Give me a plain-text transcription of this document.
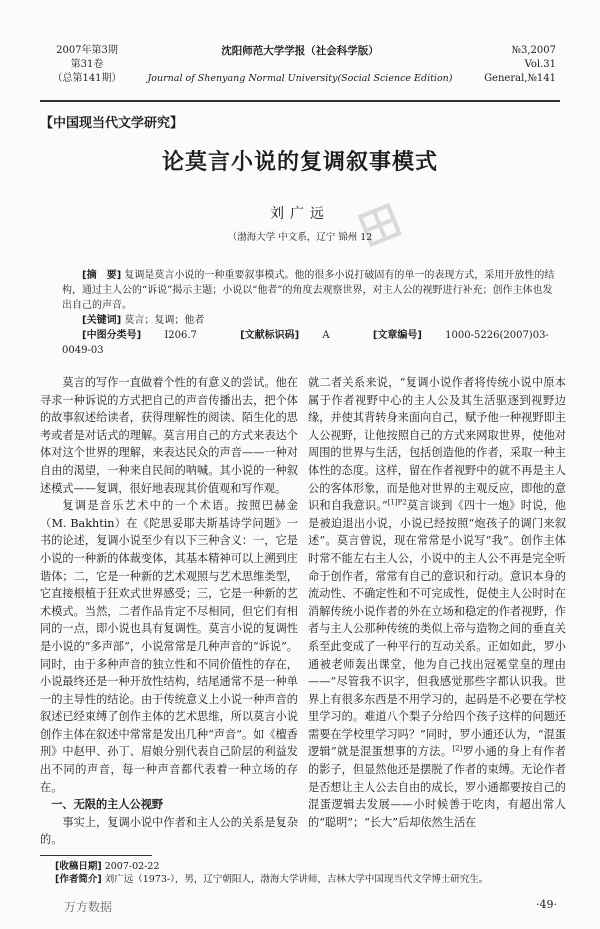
2007年第3期
第31卷
（总第141期）
沈阳师范大学学报（社会科学版）
Journal of Shenyang Normal University(Social Science Edition)
№3,2007
Vol.31
General,№141
【中国现当代文学研究】
论莫言小说的复调叙事模式
刘广远
（渤海大学 中文系，辽宁 锦州 12
[摘　要] 复调是莫言小说的一种重要叙事模式。他的很多小说打破固有的单一的表现方式，采用开放性的结构，通过主人公的“诉说”揭示主题；小说以“他者”的角度去观察世界，对主人公的视野进行补充；创作主体也发出自己的声音。
[关键词] 莫言；复调；他者
[中图分类号] I206.7	[文献标识码] A	[文章编号] 1000-5226(2007)03-0049-03

莫言的写作一直做着个性的有意义的尝试。他在寻求一种诉说的方式把自己的声音传播出去，把个体的故事叙述给读者，获得理解性的阅读、陌生化的思考或者是对话式的理解。莫言用自己的方式来表达个体对这个世界的理解，来表达民众的声音——一种对自由的渴望，一种来自民间的呐喊。其小说的一种叙述模式——复调，很好地表现其价值观和写作观。

复调是音乐艺术中的一个术语。按照巴赫金（M. Bakhtin）在《陀思妥耶夫斯基诗学问题》一书的论述，复调小说至少有以下三种含义：一，它是小说的一种新的体裁变体，其基本精神可以上溯到庄谐体；二，它是一种新的艺术观照与艺术思维类型，它直接根植于狂欢式世界感受；三，它是一种新的艺术模式。当然，二者作品肯定不尽相同，但它们有相同的一点，即小说也具有复调性。莫言小说的复调性是小说的“多声部”，小说常常是几种声音的“诉说”。同时，由于多种声音的独立性和不同价值性的存在，小说最终还是一种开放性结构，结尾通常不是一种单一的主导性的结论。由于传统意义上小说一种声音的叙述已经束缚了创作主体的艺术思维，所以莫言小说创作主体在叙述中常常是发出几种“声音”。如《檀香刑》中赵甲、孙丁、眉娘分别代表自己阶层的利益发出不同的声音，每一种声音都代表着一种立场的存在。

一、无限的主人公视野

事实上，复调小说中作者和主人公的关系是复杂的。

就二者关系来说，“复调小说作者将传统小说中原本属于作者视野中心的主人公及其生活驱逐到视野边缘，并使其背转身来面向自己，赋予他一种视野即主人公视野，让他按照自己的方式来网取世界，使他对周围的世界与生活，包括创造他的作者，采取一种主体性的态度。这样，留在作者视野中的就不再是主人公的客体形象，而是他对世界的主观反应，即他的意识和自我意识。”$^{[1]P2}$莫言谈到《四十一炮》时说，他是被迫退出小说，小说已经按照“炮孩子的调门来叙述”。莫言曾说，现在常常是小说写“我”。创作主体时常不能左右主人公，小说中的主人公不再是完全听命于创作者，常常有自己的意识和行动。意识本身的流动性、不确定性和不可完成性，促使主人公时时在消解传统小说作者的外在立场和稳定的作者视野，作者与主人公那种传统的类似上帝与造物之间的垂直关系至此变成了一种平行的互动关系。正如如此，罗小通被老师轰出课堂，他为自己找出冠冕堂皇的理由——“尽管我不识字，但我感觉那些字都认识我。世界上有很多东西是不用学习的，起码是不必要在学校里学习的。难道八个梨子分给四个孩子这样的问题还需要在学校里学习吗？”同时，罗小通还认为，“混蛋逻辑”就是混蛋想事的方法。[2]罗小通的身上有作者的影子，但显然他还是摆脱了作者的束缚。无论作者是否想让主人公去自由的成长，罗小通都要按自己的混蛋逻辑去发展——小时候善于吃肉，有超出常人的“聪明”；“长大”后却依然生活在

[收稿日期] 2007-02-22
[作者简介] 刘广远（1973-），男，辽宁朝阳人，渤海大学讲师，吉林大学中国现当代文学博士研究生。
万方数据	·49·
